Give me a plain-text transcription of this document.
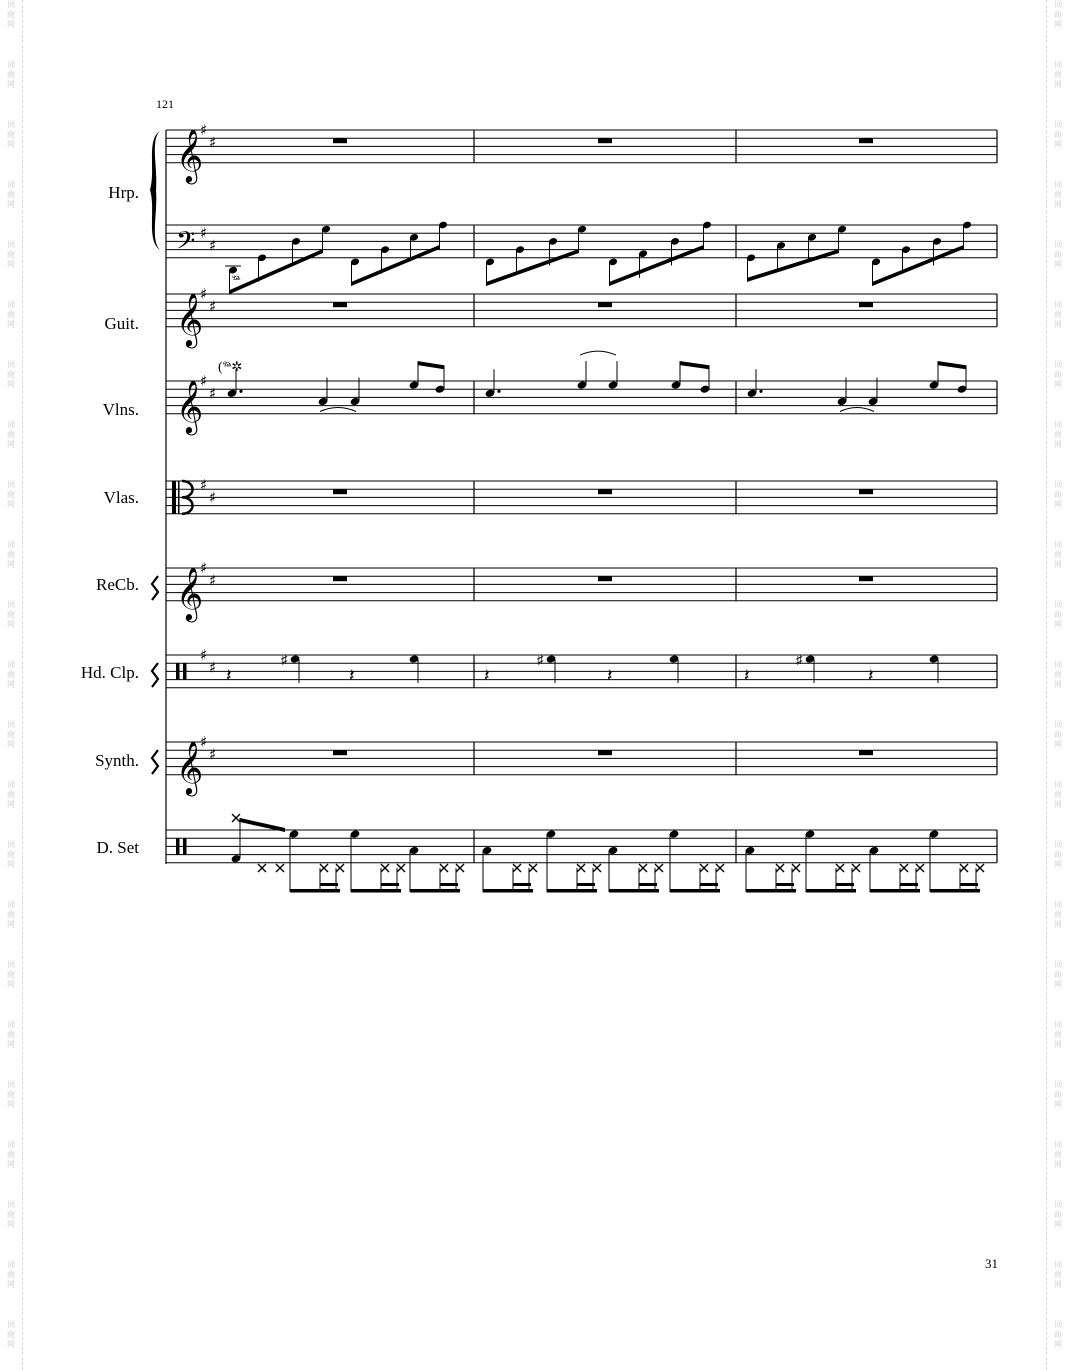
词
曲
网
词
曲
网
词
曲
网
词
曲
网
词
曲
网
词
曲
网
词
曲
网
词
曲
网
词
曲
网
词
曲
网
词
曲
网
词
曲
网
词
曲
网
词
曲
网
词
曲
网
词
曲
网
词
曲
网
词
曲
网
词
曲
网
词
曲
网
词
曲
网
词
曲
网
词
曲
网
词
曲
网
词
曲
网
词
曲
网
词
曲
网
词
曲
网
词
曲
网
词
曲
网
词
曲
网
词
曲
网
词
曲
网
词
曲
网
词
曲
网
词
曲
网
词
曲
网
词
曲
网
词
曲
网
词
曲
网
词
曲
网
词
曲
网
词
曲
网
词
曲
网
词
曲
网
词
曲
网
121
Hrp.
Guit.
Vlns.
Vlas.
ReCb.
Hd. Clp.
Synth.
D. Set
𝄞
♯
♯
𝄞
♯
♯
𝄞
♯
♯
𝄞
♯
♯
𝄞
♯
♯
𝄢 ♯
♯
♯
♯
♯
♯ 𝄽	𝄽
♯
𝄽	𝄽
♯
𝄽	𝄽
♯
𝆮
(𝆮✲
31
